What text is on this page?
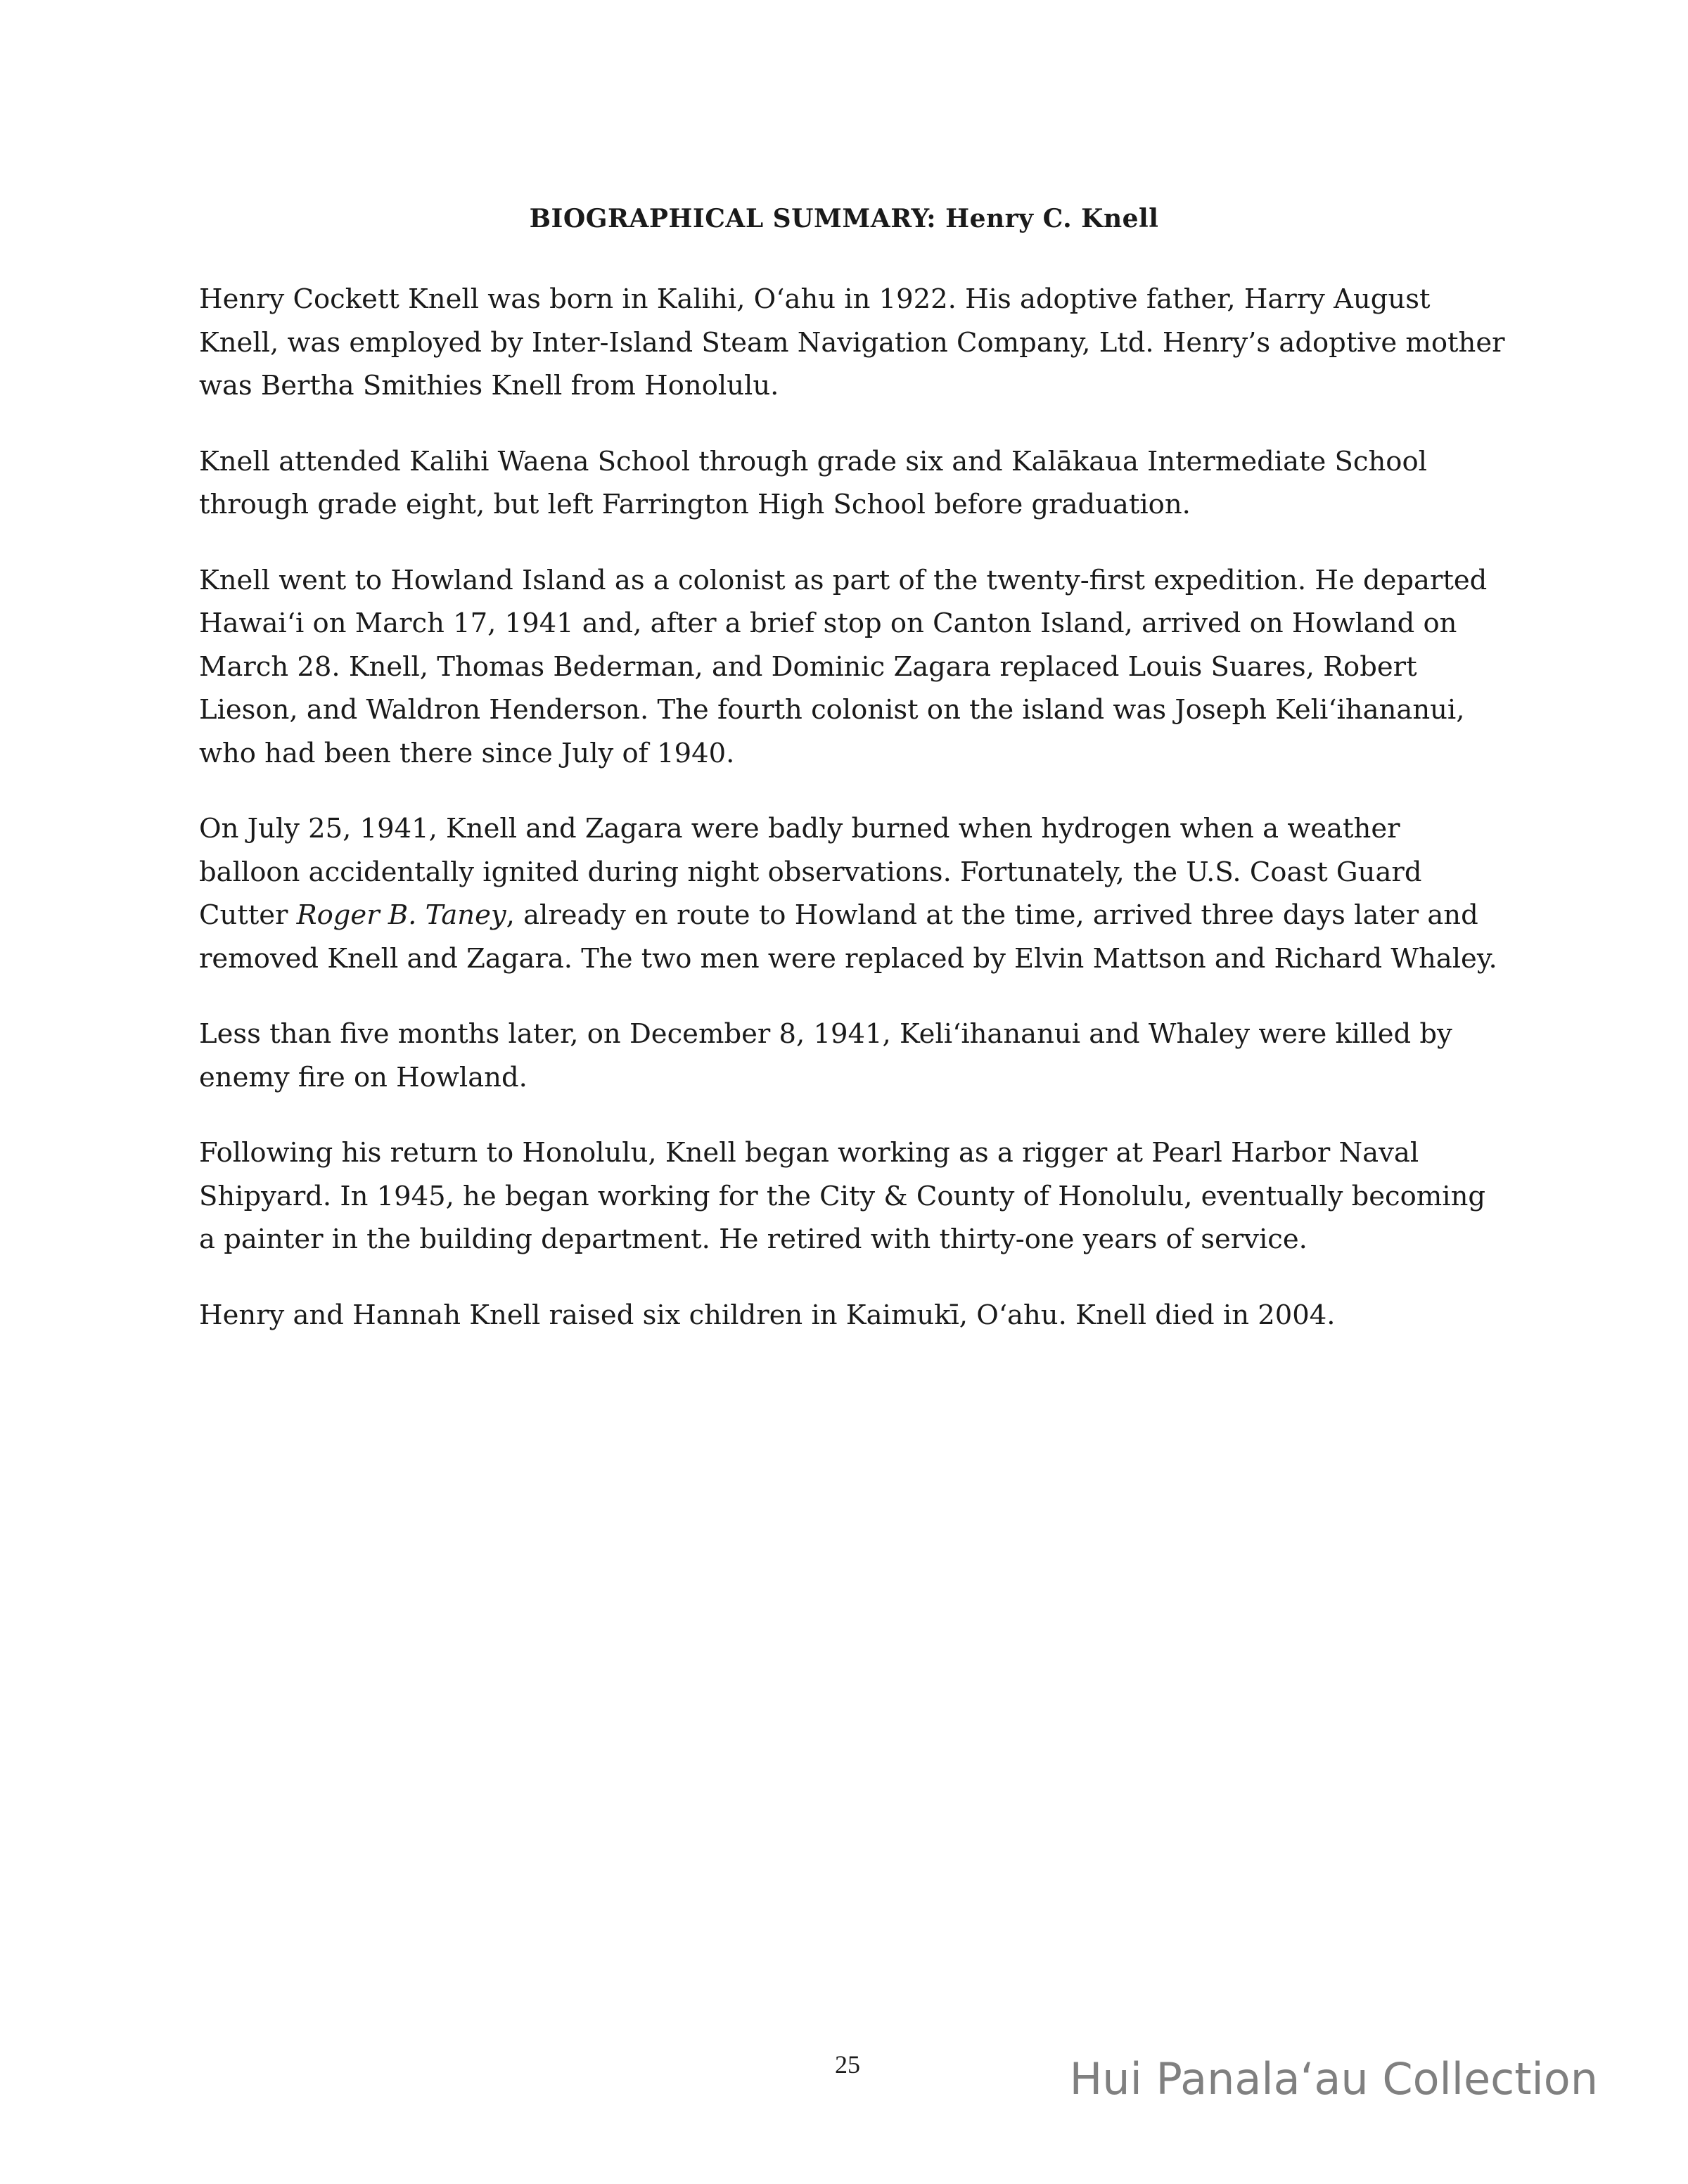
BIOGRAPHICAL SUMMARY: Henry C. Knell

Henry Cockett Knell was born in Kalihi, O‘ahu in 1922. His adoptive father, Harry August Knell, was employed by Inter-Island Steam Navigation Company, Ltd. Henry’s adoptive mother was Bertha Smithies Knell from Honolulu.

Knell attended Kalihi Waena School through grade six and Kalākaua Intermediate School through grade eight, but left Farrington High School before graduation.

Knell went to Howland Island as a colonist as part of the twenty-first expedition. He departed Hawai‘i on March 17, 1941 and, after a brief stop on Canton Island, arrived on Howland on March 28. Knell, Thomas Bederman, and Dominic Zagara replaced Louis Suares, Robert Lieson, and Waldron Henderson. The fourth colonist on the island was Joseph Keli‘ihananui, who had been there since July of 1940.

On July 25, 1941, Knell and Zagara were badly burned when hydrogen when a weather balloon accidentally ignited during night observations. Fortunately, the U.S. Coast Guard Cutter Roger B. Taney, already en route to Howland at the time, arrived three days later and removed Knell and Zagara. The two men were replaced by Elvin Mattson and Richard Whaley.

Less than five months later, on December 8, 1941, Keli‘ihananui and Whaley were killed by enemy fire on Howland.

Following his return to Honolulu, Knell began working as a rigger at Pearl Harbor Naval Shipyard. In 1945, he began working for the City & County of Honolulu, eventually becoming a painter in the building department. He retired with thirty-one years of service.

Henry and Hannah Knell raised six children in Kaimukī, O‘ahu. Knell died in 2004.

25	Hui Panala‘au Collection
